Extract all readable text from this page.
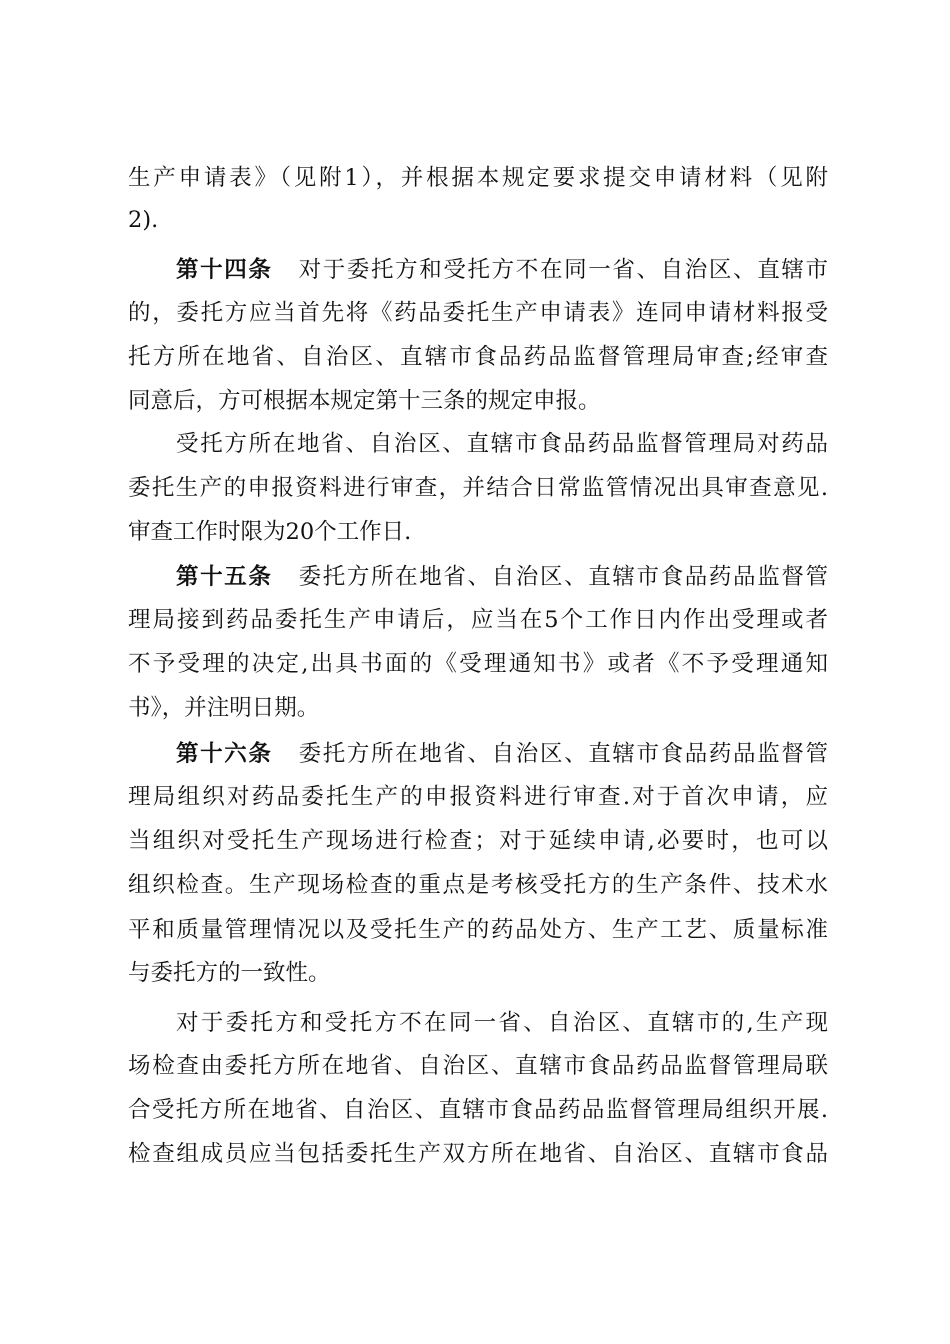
生产申请表》（见附1），并根据本规定要求提交申请材料（见附
2).
第十四条 对于委托方和受托方不在同一省、自治区、直辖市
的，委托方应当首先将《药品委托生产申请表》连同申请材料报受
托方所在地省、自治区、直辖市食品药品监督管理局审查;经审查
同意后，方可根据本规定第十三条的规定申报。
受托方所在地省、自治区、直辖市食品药品监督管理局对药品
委托生产的申报资料进行审查，并结合日常监管情况出具审查意见.
审查工作时限为20个工作日.
第十五条 委托方所在地省、自治区、直辖市食品药品监督管
理局接到药品委托生产申请后，应当在5个工作日内作出受理或者
不予受理的决定,出具书面的《受理通知书》或者《不予受理通知
书》，并注明日期。
第十六条 委托方所在地省、自治区、直辖市食品药品监督管
理局组织对药品委托生产的申报资料进行审查.对于首次申请，应
当组织对受托生产现场进行检查；对于延续申请,必要时，也可以
组织检查。生产现场检查的重点是考核受托方的生产条件、技术水
平和质量管理情况以及受托生产的药品处方、生产工艺、质量标准
与委托方的一致性。
对于委托方和受托方不在同一省、自治区、直辖市的,生产现
场检查由委托方所在地省、自治区、直辖市食品药品监督管理局联
合受托方所在地省、自治区、直辖市食品药品监督管理局组织开展.
检查组成员应当包括委托生产双方所在地省、自治区、直辖市食品
